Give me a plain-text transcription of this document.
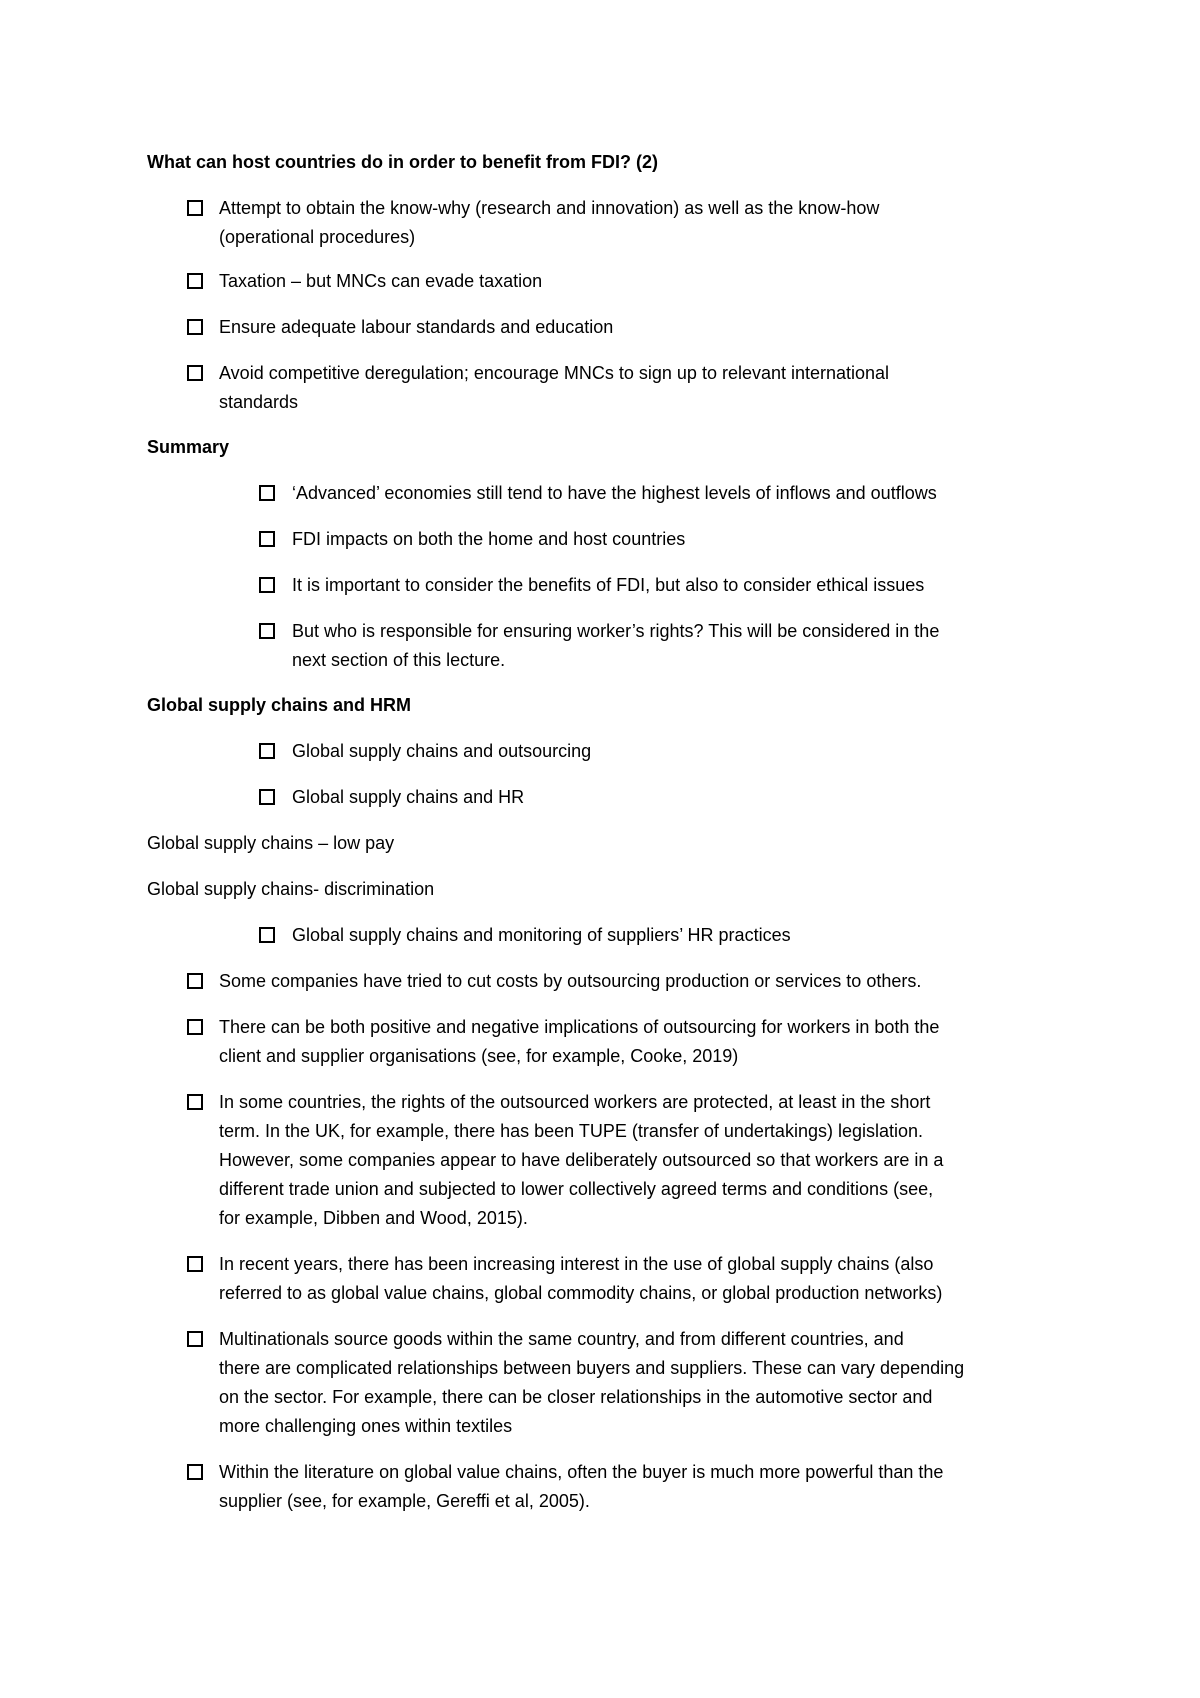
What can host countries do in order to benefit from FDI? (2)
Attempt to obtain the know-why (research and innovation) as well as the know-how
(operational procedures)
Taxation – but MNCs can evade taxation
Ensure adequate labour standards and education
Avoid competitive deregulation; encourage MNCs to sign up to relevant international
standards
Summary
‘Advanced’ economies still tend to have the highest levels of inflows and outflows
FDI impacts on both the home and host countries
It is important to consider the benefits of FDI, but also to consider ethical issues
But who is responsible for ensuring worker’s rights? This will be considered in the
next section of this lecture.
Global supply chains and HRM
Global supply chains and outsourcing
Global supply chains and HR
Global supply chains – low pay
Global supply chains- discrimination
Global supply chains and monitoring of suppliers’ HR practices
Some companies have tried to cut costs by outsourcing production or services to others.
There can be both positive and negative implications of outsourcing for workers in both the
client and supplier organisations (see, for example, Cooke, 2019)
In some countries, the rights of the outsourced workers are protected, at least in the short
term. In the UK, for example, there has been TUPE (transfer of undertakings) legislation.
However, some companies appear to have deliberately outsourced so that workers are in a
different trade union and subjected to lower collectively agreed terms and conditions (see,
for example, Dibben and Wood, 2015).
In recent years, there has been increasing interest in the use of global supply chains (also
referred to as global value chains, global commodity chains, or global production networks)
Multinationals source goods within the same country, and from different countries, and
there are complicated relationships between buyers and suppliers. These can vary depending
on the sector. For example, there can be closer relationships in the automotive sector and
more challenging ones within textiles
Within the literature on global value chains, often the buyer is much more powerful than the
supplier (see, for example, Gereffi et al, 2005).
